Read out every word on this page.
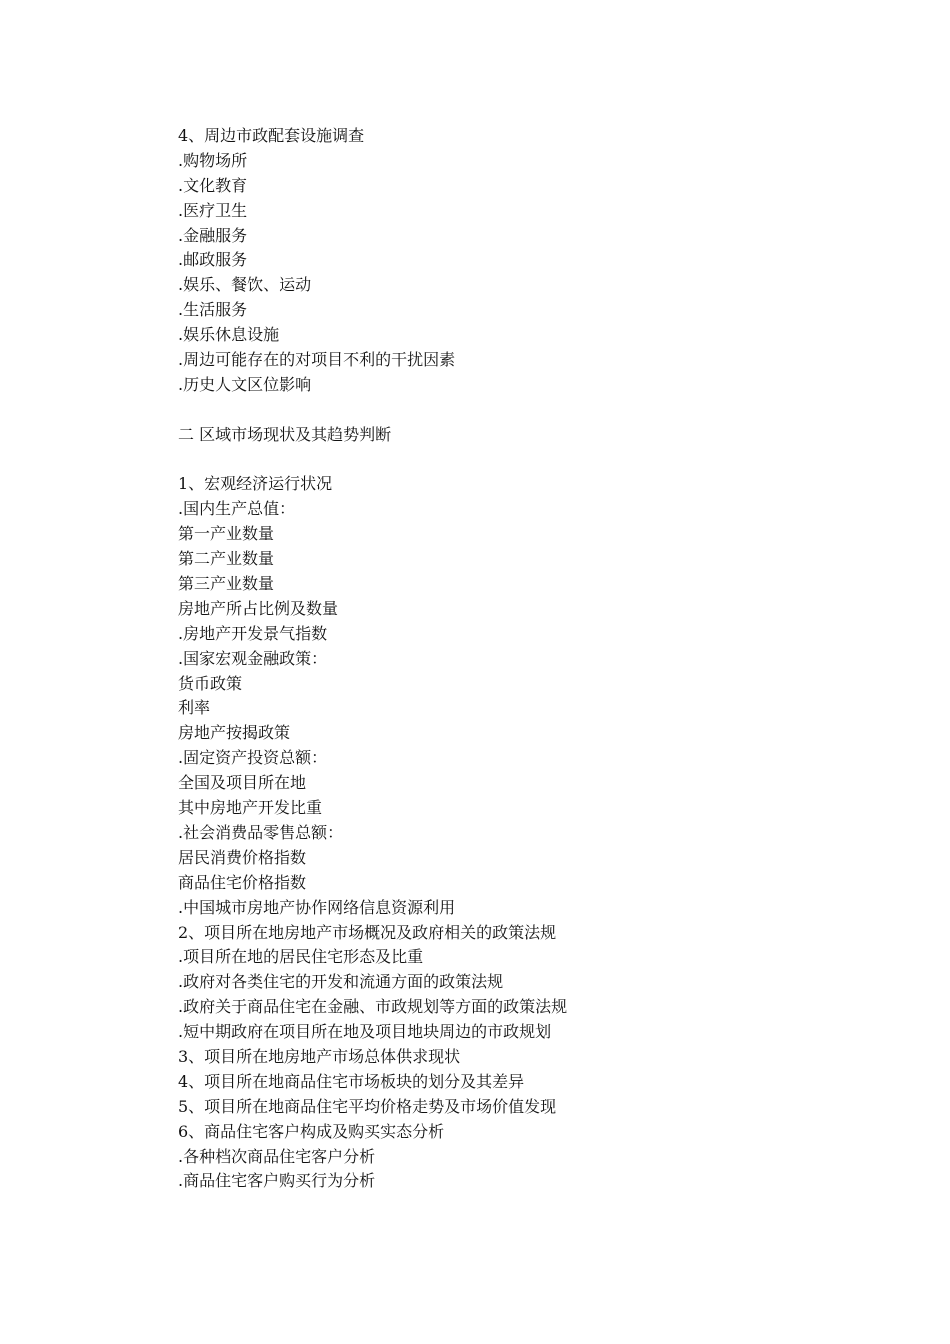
4、周边市政配套设施调查
.购物场所
.文化教育
.医疗卫生
.金融服务
.邮政服务
.娱乐、餐饮、运动
.生活服务
.娱乐休息设施
.周边可能存在的对项目不利的干扰因素
.历史人文区位影响
二 区域市场现状及其趋势判断
1、宏观经济运行状况
.国内生产总值：
第一产业数量
第二产业数量
第三产业数量
房地产所占比例及数量
.房地产开发景气指数
.国家宏观金融政策：
货币政策
利率
房地产按揭政策
.固定资产投资总额：
全国及项目所在地
其中房地产开发比重
.社会消费品零售总额：
居民消费价格指数
商品住宅价格指数
.中国城市房地产协作网络信息资源利用
2、项目所在地房地产市场概况及政府相关的政策法规
.项目所在地的居民住宅形态及比重
.政府对各类住宅的开发和流通方面的政策法规
.政府关于商品住宅在金融、市政规划等方面的政策法规
.短中期政府在项目所在地及项目地块周边的市政规划
3、项目所在地房地产市场总体供求现状
4、项目所在地商品住宅市场板块的划分及其差异
5、项目所在地商品住宅平均价格走势及市场价值发现
6、商品住宅客户构成及购买实态分析
.各种档次商品住宅客户分析
.商品住宅客户购买行为分析
